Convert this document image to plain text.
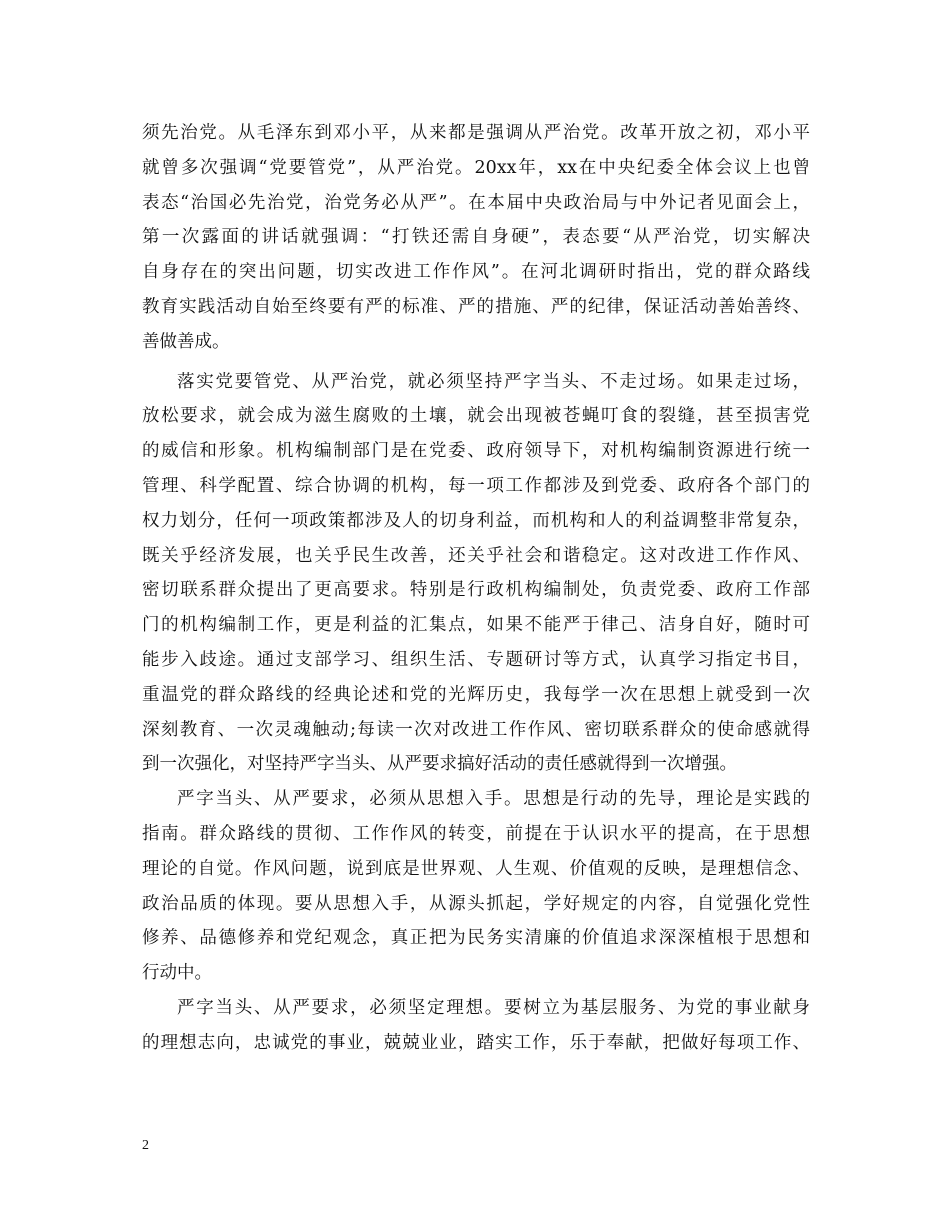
须先治党。从毛泽东到邓小平，从来都是强调从严治党。改革开放之初，邓小平
就曾多次强调“党要管党”，从严治党。20xx年，xx在中央纪委全体会议上也曾
表态“治国必先治党，治党务必从严”。在本届中央政治局与中外记者见面会上，
第一次露面的讲话就强调：“打铁还需自身硬”，表态要“从严治党，切实解决
自身存在的突出问题，切实改进工作作风”。在河北调研时指出，党的群众路线
教育实践活动自始至终要有严的标准、严的措施、严的纪律，保证活动善始善终、
善做善成。
落实党要管党、从严治党，就必须坚持严字当头、不走过场。如果走过场，
放松要求，就会成为滋生腐败的土壤，就会出现被苍蝇叮食的裂缝，甚至损害党
的威信和形象。机构编制部门是在党委、政府领导下，对机构编制资源进行统一
管理、科学配置、综合协调的机构，每一项工作都涉及到党委、政府各个部门的
权力划分，任何一项政策都涉及人的切身利益，而机构和人的利益调整非常复杂，
既关乎经济发展，也关乎民生改善，还关乎社会和谐稳定。这对改进工作作风、
密切联系群众提出了更高要求。特别是行政机构编制处，负责党委、政府工作部
门的机构编制工作，更是利益的汇集点，如果不能严于律己、洁身自好，随时可
能步入歧途。通过支部学习、组织生活、专题研讨等方式，认真学习指定书目，
重温党的群众路线的经典论述和党的光辉历史，我每学一次在思想上就受到一次
深刻教育、一次灵魂触动;每读一次对改进工作作风、密切联系群众的使命感就得
到一次强化，对坚持严字当头、从严要求搞好活动的责任感就得到一次增强。
严字当头、从严要求，必须从思想入手。思想是行动的先导，理论是实践的
指南。群众路线的贯彻、工作作风的转变，前提在于认识水平的提高，在于思想
理论的自觉。作风问题，说到底是世界观、人生观、价值观的反映，是理想信念、
政治品质的体现。要从思想入手，从源头抓起，学好规定的内容，自觉强化党性
修养、品德修养和党纪观念，真正把为民务实清廉的价值追求深深植根于思想和
行动中。
严字当头、从严要求，必须坚定理想。要树立为基层服务、为党的事业献身
的理想志向，忠诚党的事业，兢兢业业，踏实工作，乐于奉献，把做好每项工作、
2
